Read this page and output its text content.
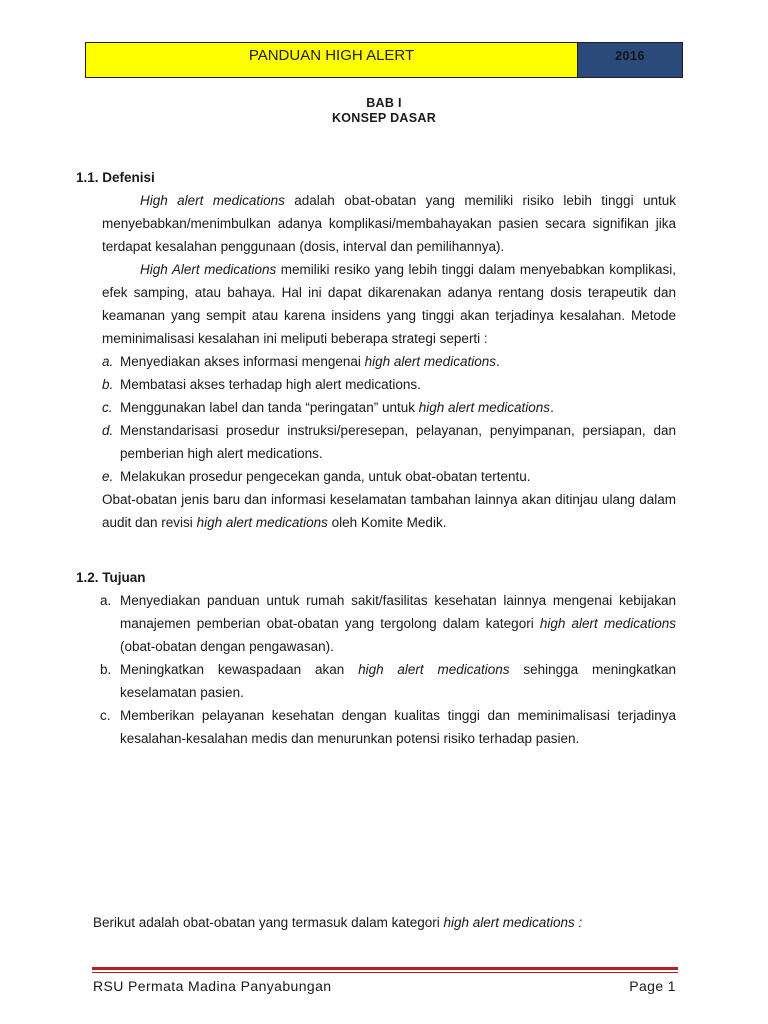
PANDUAN HIGH ALERT	2016
BAB I
KONSEP DASAR
1.1. Defenisi

High alert medications adalah obat-obatan yang memiliki risiko lebih tinggi untuk menyebabkan/menimbulkan adanya komplikasi/membahayakan pasien secara signifikan jika terdapat kesalahan penggunaan (dosis, interval dan pemilihannya).

High Alert medications memiliki resiko yang lebih tinggi dalam menyebabkan komplikasi, efek samping, atau bahaya. Hal ini dapat dikarenakan adanya rentang dosis terapeutik dan keamanan yang sempit atau karena insidens yang tinggi akan terjadinya kesalahan. Metode meminimalisasi kesalahan ini meliputi beberapa strategi seperti :

a. Menyediakan akses informasi mengenai high alert medications.
b. Membatasi akses terhadap high alert medications.
c. Menggunakan label dan tanda “peringatan” untuk high alert medications.
d. Menstandarisasi prosedur instruksi/peresepan, pelayanan, penyimpanan, persiapan, dan pemberian high alert medications.
e. Melakukan prosedur pengecekan ganda, untuk obat-obatan tertentu.

Obat-obatan jenis baru dan informasi keselamatan tambahan lainnya akan ditinjau ulang dalam audit dan revisi high alert medications oleh Komite Medik.

1.2. Tujuan
a. Menyediakan panduan untuk rumah sakit/fasilitas kesehatan lainnya mengenai kebijakan manajemen pemberian obat-obatan yang tergolong dalam kategori high alert medications (obat-obatan dengan pengawasan).
b. Meningkatkan kewaspadaan akan high alert medications sehingga meningkatkan keselamatan pasien.
c. Memberikan pelayanan kesehatan dengan kualitas tinggi dan meminimalisasi terjadinya kesalahan-kesalahan medis dan menurunkan potensi risiko terhadap pasien.
Berikut adalah obat-obatan yang termasuk dalam kategori high alert medications :
RSU Permata Madina Panyabungan	Page 1
